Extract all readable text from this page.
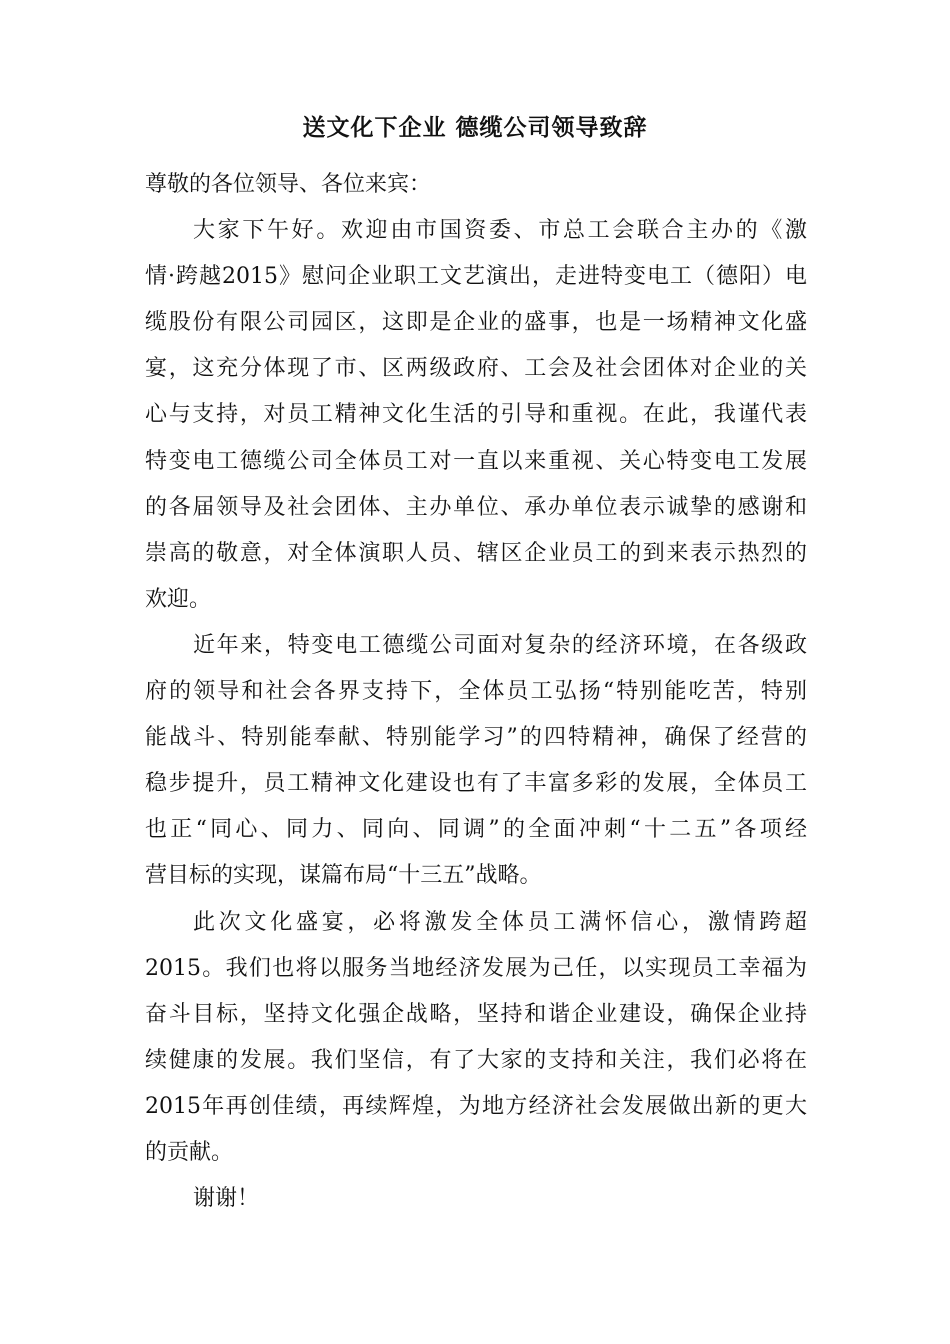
送文化下企业 德缆公司领导致辞
尊敬的各位领导、各位来宾：
大家下午好。欢迎由市国资委、市总工会联合主办的《激
情·跨越2015》慰问企业职工文艺演出，走进特变电工（德阳）电
缆股份有限公司园区，这即是企业的盛事，也是一场精神文化盛
宴，这充分体现了市、区两级政府、工会及社会团体对企业的关
心与支持，对员工精神文化生活的引导和重视。在此，我谨代表
特变电工德缆公司全体员工对一直以来重视、关心特变电工发展
的各届领导及社会团体、主办单位、承办单位表示诚挚的感谢和
崇高的敬意，对全体演职人员、辖区企业员工的到来表示热烈的
欢迎。
近年来，特变电工德缆公司面对复杂的经济环境，在各级政
府的领导和社会各界支持下，全体员工弘扬“特别能吃苦，特别
能战斗、特别能奉献、特别能学习”的四特精神，确保了经营的
稳步提升，员工精神文化建设也有了丰富多彩的发展，全体员工
也正“同心、同力、同向、同调”的全面冲刺“十二五”各项经
营目标的实现，谋篇布局“十三五”战略。
此次文化盛宴，必将激发全体员工满怀信心，激情跨超
2015。我们也将以服务当地经济发展为己任，以实现员工幸福为
奋斗目标，坚持文化强企战略，坚持和谐企业建设，确保企业持
续健康的发展。我们坚信，有了大家的支持和关注，我们必将在
2015年再创佳绩，再续辉煌，为地方经济社会发展做出新的更大
的贡献。
谢谢！
